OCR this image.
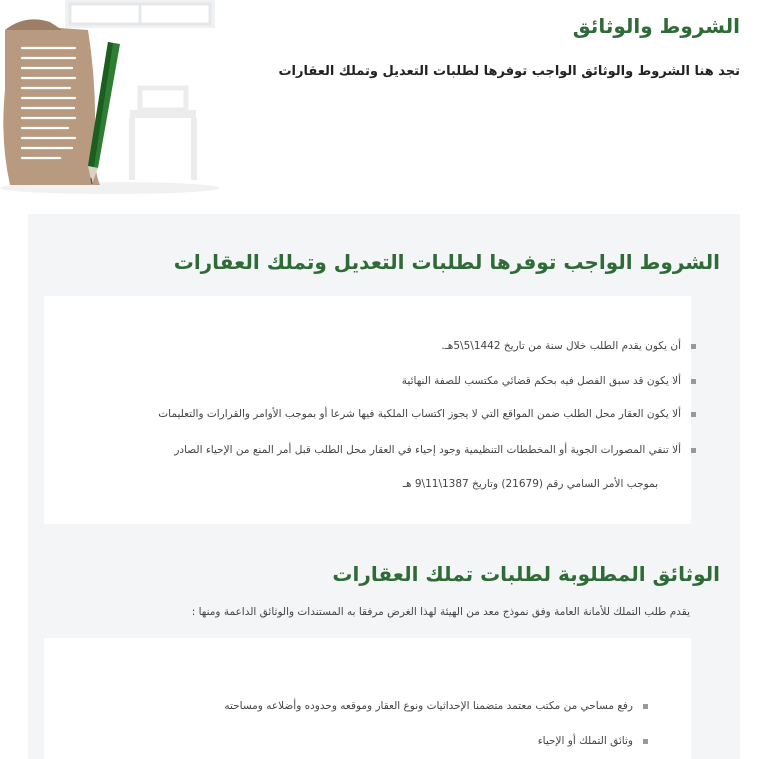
الشروط والوثائق
تجد هنا الشروط والوثائق الواجب توفرها لطلبات التعديل وتملك العقارات
الشروط الواجب توفرها لطلبات التعديل وتملك العقارات
أن يكون يقدم الطلب خلال سنة من تاريخ 1442\5\5هـ.
ألا يكون قد سبق الفصل فيه بحكم قضائي مكتسب للصفة النهائية
ألا يكون العقار محل الطلب ضمن المواقع التي لا يجوز اكتساب الملكية فيها شرعا أو بموجب الأوامر والقرارات والتعليمات
ألا تنفي المصورات الجوية أو المخططات التنظيمية وجود إحياء في العقار محل الطلب قبل أمر المنع من الإحياء الصادر
بموجب الأمر السامي رقم (21679) وتاريخ 1387\11\9 هـ
الوثائق المطلوبة لطلبات تملك العقارات
يقدم طلب التملك للأمانة العامة وفق نموذج معد من الهيئة لهذا الغرض مرفقا به المستندات والوثائق الداعمة ومنها :
رفع مساحي من مكتب معتمد متضمنا الإحداثيات ونوع العقار وموقعه وحدوده وأضلاعه ومساحته
وثائق التملك أو الإحياء
